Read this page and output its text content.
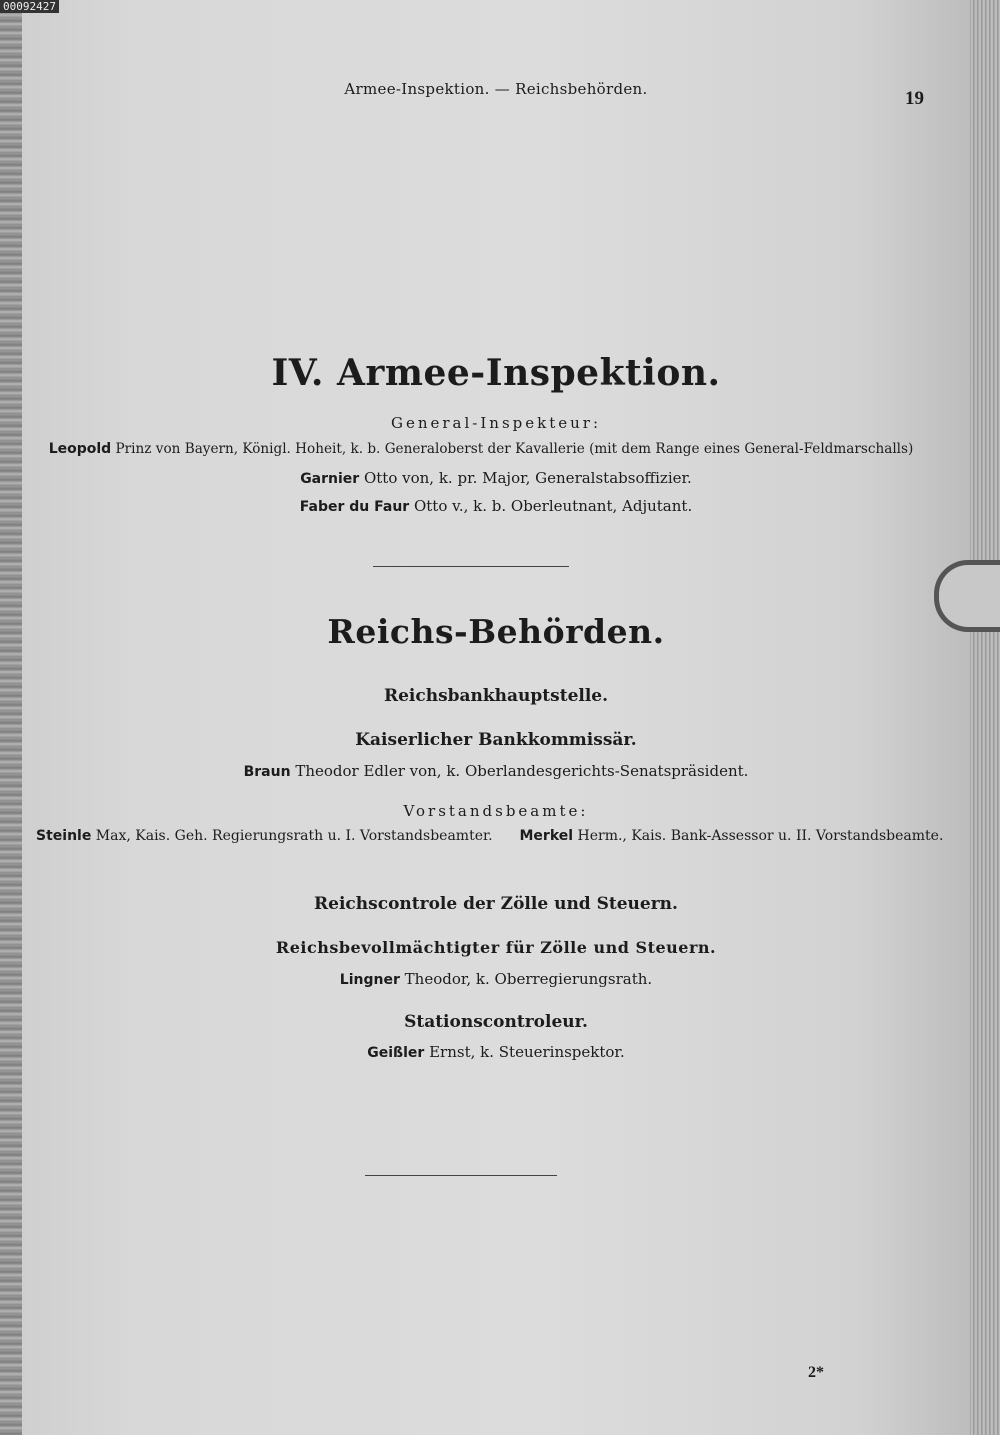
00092427
Armee-Inspektion. — Reichsbehörden.	19
IV. Armee-Inspektion.
General-Inspekteur:
Leopold Prinz von Bayern, Königl. Hoheit, k. b. Generaloberst der Kavallerie (mit dem Range eines General-Feldmarschalls)
Garnier Otto von, k. pr. Major, Generalstabsoffizier.
Faber du Faur Otto v., k. b. Oberleutnant, Adjutant.
Reichs-Behörden.
Reichsbankhauptstelle.
Kaiserlicher Bankkommissär.
Braun Theodor Edler von, k. Oberlandesgerichts-Senatspräsident.
Vorstandsbeamte:
Steinle Max, Kais. Geh. Regierungsrath u. I. Vorstandsbeamter. Merkel Herm., Kais. Bank-Assessor u. II. Vorstandsbeamte.
Reichscontrole der Zölle und Steuern.
Reichsbevollmächtigter für Zölle und Steuern.
Lingner Theodor, k. Oberregierungsrath.
Stationscontroleur.
Geißler Ernst, k. Steuerinspektor.
2*
